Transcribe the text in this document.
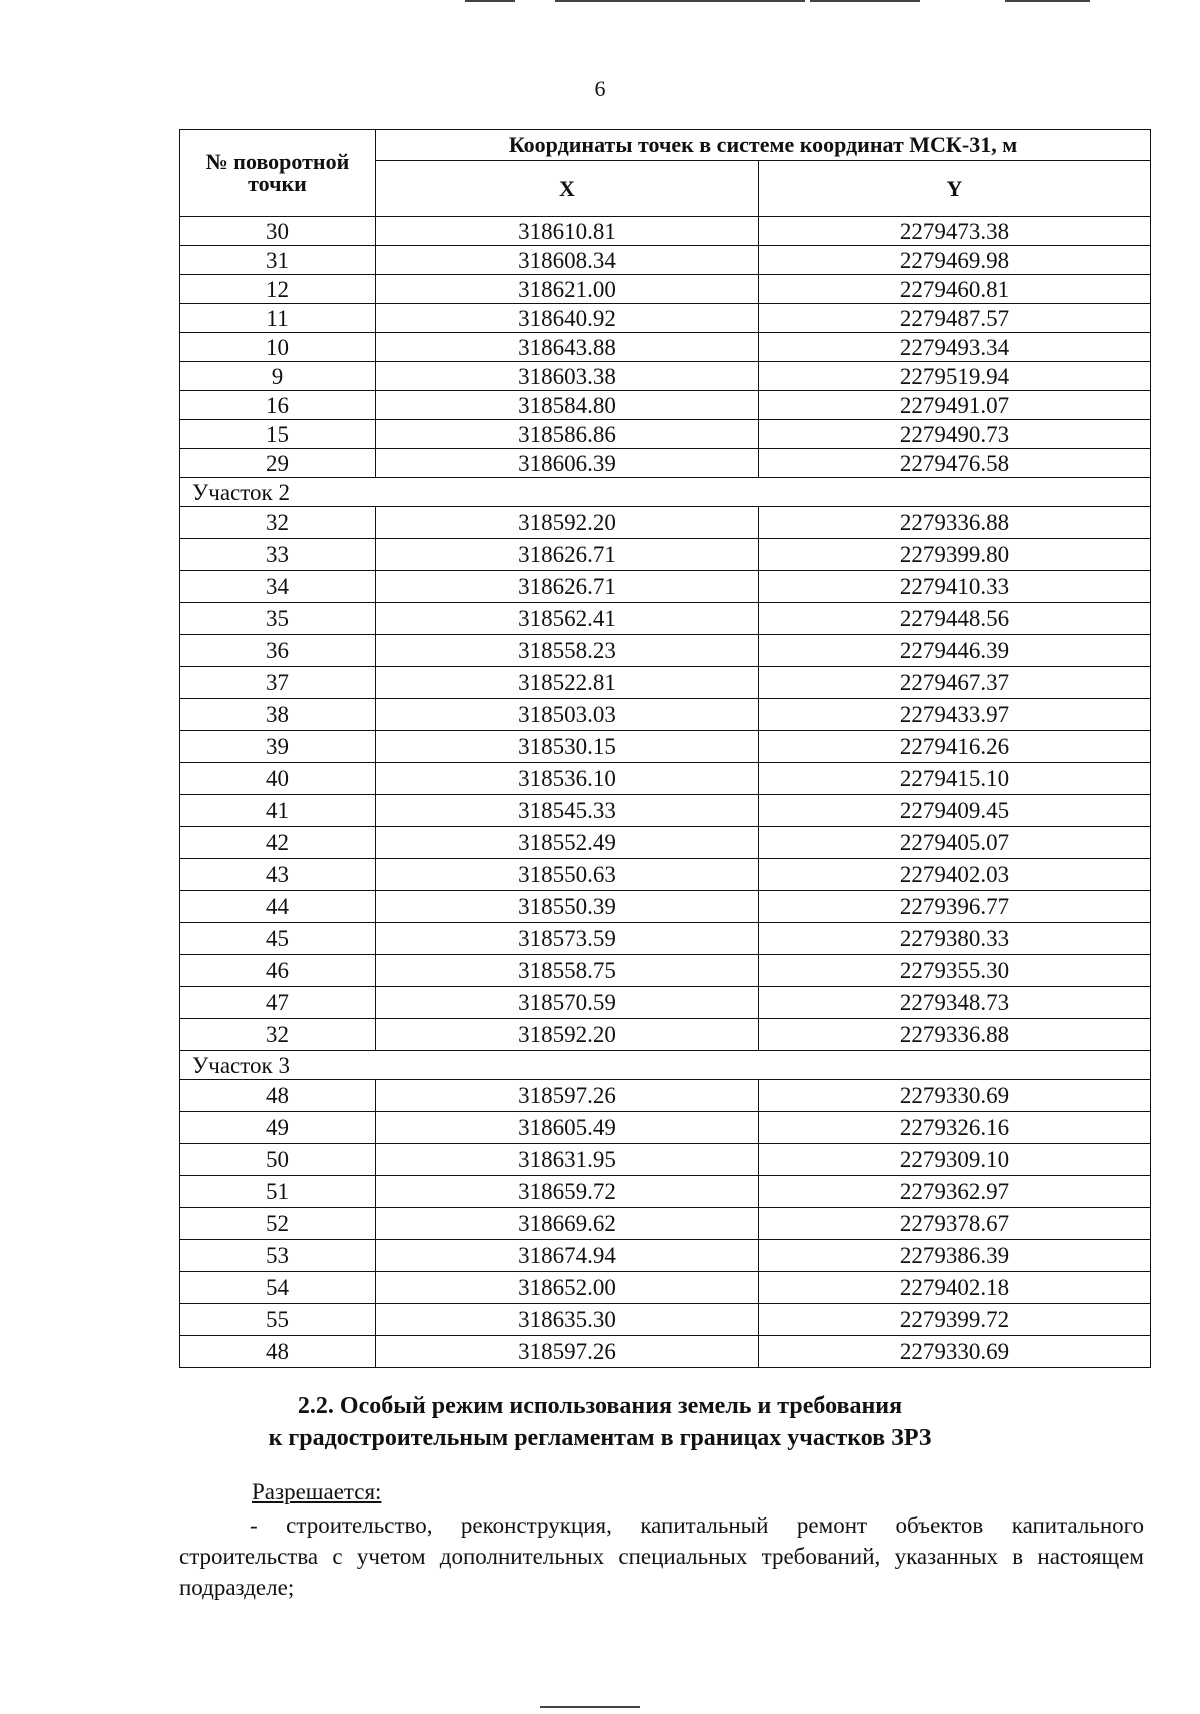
6
№ поворотной точки	Координаты точек в системе координат МСК-31, м	
	X	Y
30	318610.81	2279473.38
31	318608.34	2279469.98
12	318621.00	2279460.81
11	318640.92	2279487.57
10	318643.88	2279493.34
9	318603.38	2279519.94
16	318584.80	2279491.07
15	318586.86	2279490.73
29	318606.39	2279476.58
Участок 2		
32	318592.20	2279336.88
33	318626.71	2279399.80
34	318626.71	2279410.33
35	318562.41	2279448.56
36	318558.23	2279446.39
37	318522.81	2279467.37
38	318503.03	2279433.97
39	318530.15	2279416.26
40	318536.10	2279415.10
41	318545.33	2279409.45
42	318552.49	2279405.07
43	318550.63	2279402.03
44	318550.39	2279396.77
45	318573.59	2279380.33
46	318558.75	2279355.30
47	318570.59	2279348.73
32	318592.20	2279336.88
Участок 3		
48	318597.26	2279330.69
49	318605.49	2279326.16
50	318631.95	2279309.10
51	318659.72	2279362.97
52	318669.62	2279378.67
53	318674.94	2279386.39
54	318652.00	2279402.18
55	318635.30	2279399.72
48	318597.26	2279330.69
2.2. Особый режим использования земель и требования
к градостроительным регламентам в границах участков ЗРЗ
Разрешается:
- строительство, реконструкция, капитальный ремонт объектов капитального строительства с учетом дополнительных специальных требований, указанных в настоящем подразделе;
